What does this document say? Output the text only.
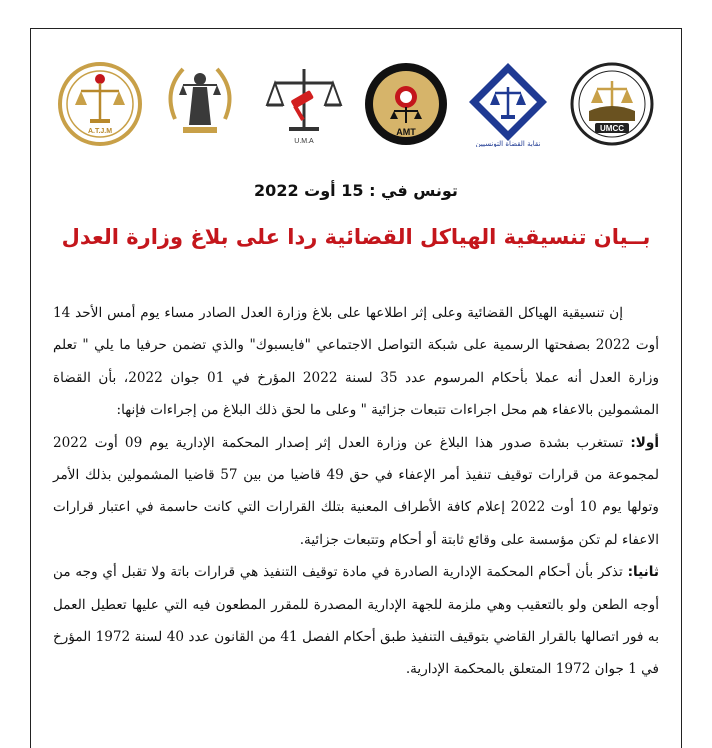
UMCC
نقابة القضاة التونسيين
AMT
U.M.A
A.T.J.M
تونس في : 15 أوت 2022
بــيان تنسيقية الهياكل القضائية ردا على بلاغ وزارة العدل

إن تنسيقية الهياكل القضائية وعلى إثر اطلاعها على بلاغ وزارة العدل الصادر مساء يوم أمس الأحد 14 أوت 2022 بصفحتها الرسمية على شبكة التواصل الاجتماعي "فايسبوك" والذي تضمن حرفيا ما يلي " تعلم وزارة العدل أنه عملا بأحكام المرسوم عدد 35 لسنة 2022 المؤرخ في 01 جوان 2022، بأن القضاة المشمولين بالاعفاء هم محل اجراءات تتبعات جزائية " وعلى ما لحق ذلك البلاغ من إجراءات فإنها:

أولا: تستغرب بشدة صدور هذا البلاغ عن وزارة العدل إثر إصدار المحكمة الإدارية يوم 09 أوت 2022 لمجموعة من قرارات توقيف تنفيذ أمر الإعفاء في حق 49 قاضيا من بين 57 قاضيا المشمولين بذلك الأمر وتولها يوم 10 أوت 2022 إعلام كافة الأطراف المعنية بتلك القرارات التي كانت حاسمة في اعتبار قرارات الاعفاء لم تكن مؤسسة على وقائع ثابتة أو أحكام وتتبعات جزائية.

ثانيا: تذكر بأن أحكام المحكمة الإدارية الصادرة في مادة توقيف التنفيذ هي قرارات باتة ولا تقبل أي وجه من أوجه الطعن ولو بالتعقيب وهي ملزمة للجهة الإدارية المصدرة للمقرر المطعون فيه التي عليها تعطيل العمل به فور اتصالها بالقرار القاضي بتوقيف التنفيذ طبق أحكام الفصل 41 من القانون عدد 40 لسنة 1972 المؤرخ في 1 جوان 1972 المتعلق بالمحكمة الإدارية.
